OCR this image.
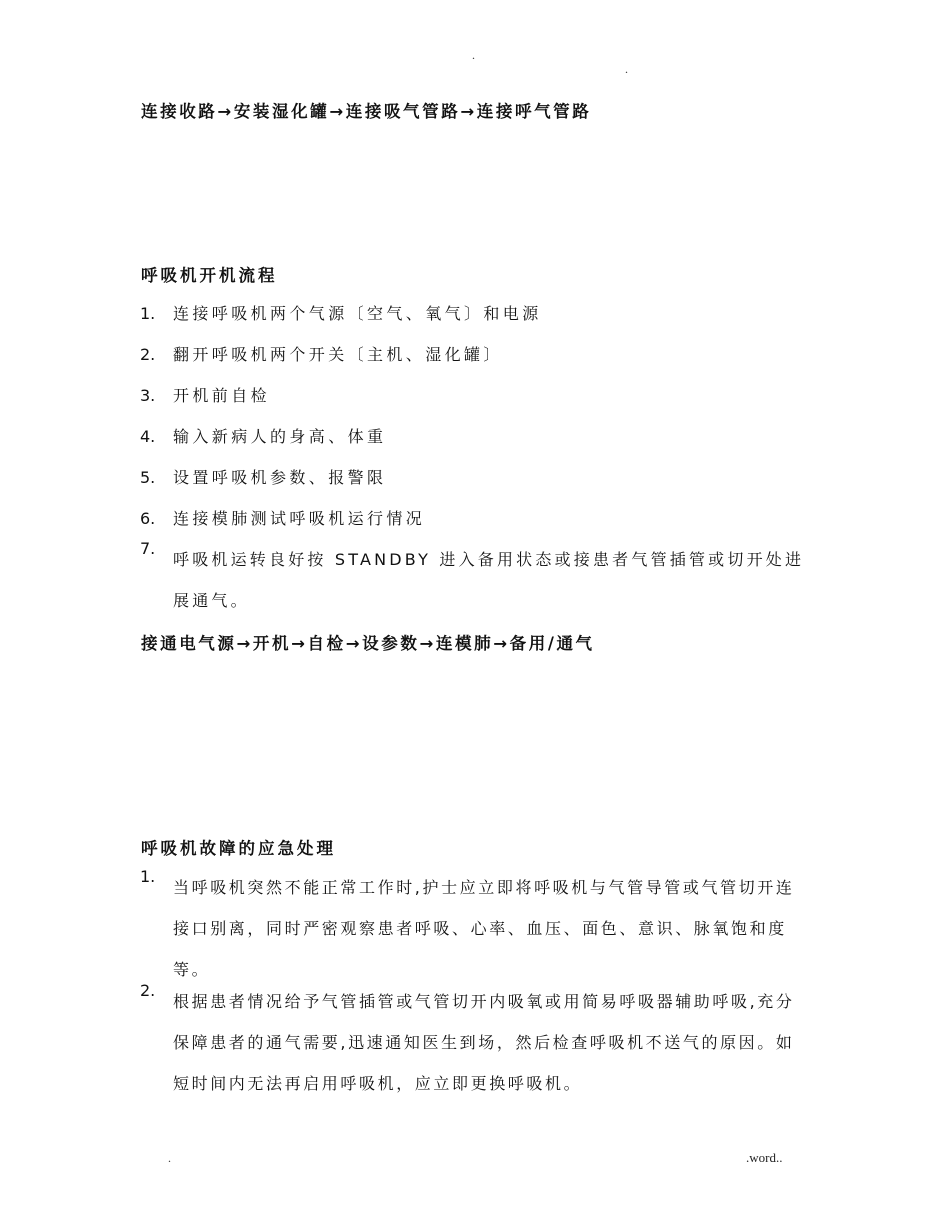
.
.
连接收路→安装湿化罐→连接吸气管路→连接呼气管路
呼吸机开机流程
1. 连接呼吸机两个气源〔空气、氧气〕和电源
2. 翻开呼吸机两个开关〔主机、湿化罐〕
3. 开机前自检
4. 输入新病人的身高、体重
5. 设置呼吸机参数、报警限
6. 连接模肺测试呼吸机运行情况
7.
呼吸机运转良好按 STANDBY 进入备用状态或接患者气管插管或切开处进展通气。
接通电气源→开机→自检→设参数→连模肺→备用/通气
呼吸机故障的应急处理
1.
当呼吸机突然不能正常工作时,护士应立即将呼吸机与气管导管或气管切开连接口别离，同时严密观察患者呼吸、心率、血压、面色、意识、脉氧饱和度等。
2.
根据患者情况给予气管插管或气管切开内吸氧或用简易呼吸器辅助呼吸,充分保障患者的通气需要,迅速通知医生到场，然后检查呼吸机不送气的原因。如短时间内无法再启用呼吸机，应立即更换呼吸机。
.	.word..
